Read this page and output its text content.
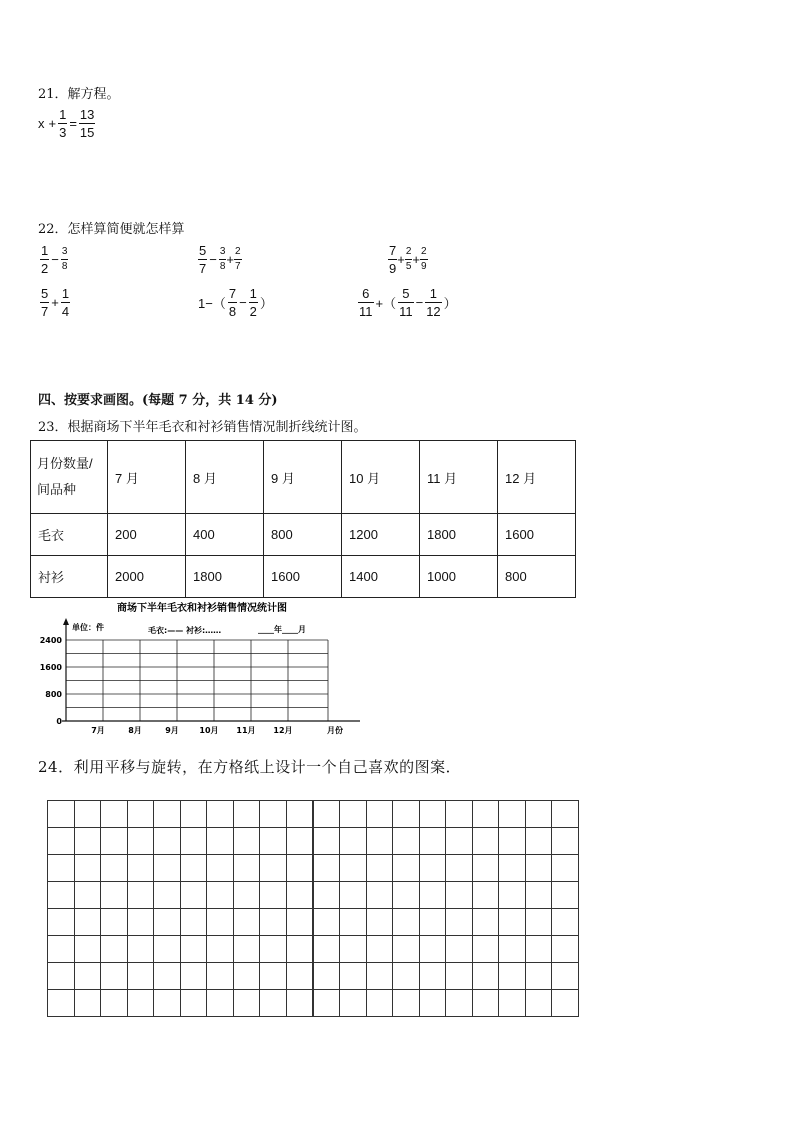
21．解方程。
$x + \frac{1}{3} = \frac{13}{15}$
22．怎样算简便就怎样算
$\frac{1}{2} - \frac{3}{8}$	$\frac{5}{7} - \frac{3}{8} + \frac{2}{7}$	$\frac{7}{9} + \frac{2}{5} + \frac{2}{9}$
$\frac{5}{7} + \frac{1}{4}$	$1-( \frac{7}{8} - \frac{1}{2}$ ）	$\frac{6}{11}$ +（ $\frac{5}{11} - \frac{1}{12}$ ）
四、按要求画图。(每题 7 分，共 14 分)
23．根据商场下半年毛衣和衬衫销售情况制折线统计图。
月份数量/
间品种	7 月	8 月	9 月	10 月	11 月	12 月
毛衣	200	400	800	1200	1800	1600
衬衫	2000	1800	1600	1400	1000	800
商场下半年毛衣和衬衫销售情况统计图
单位：件	毛衣:—— 衬衫:……	____年____月
2400
1600
800
0
7月	8月	9月	10月 11月 12月	月份
24．利用平移与旋转，在方格纸上设计一个自己喜欢的图案．
